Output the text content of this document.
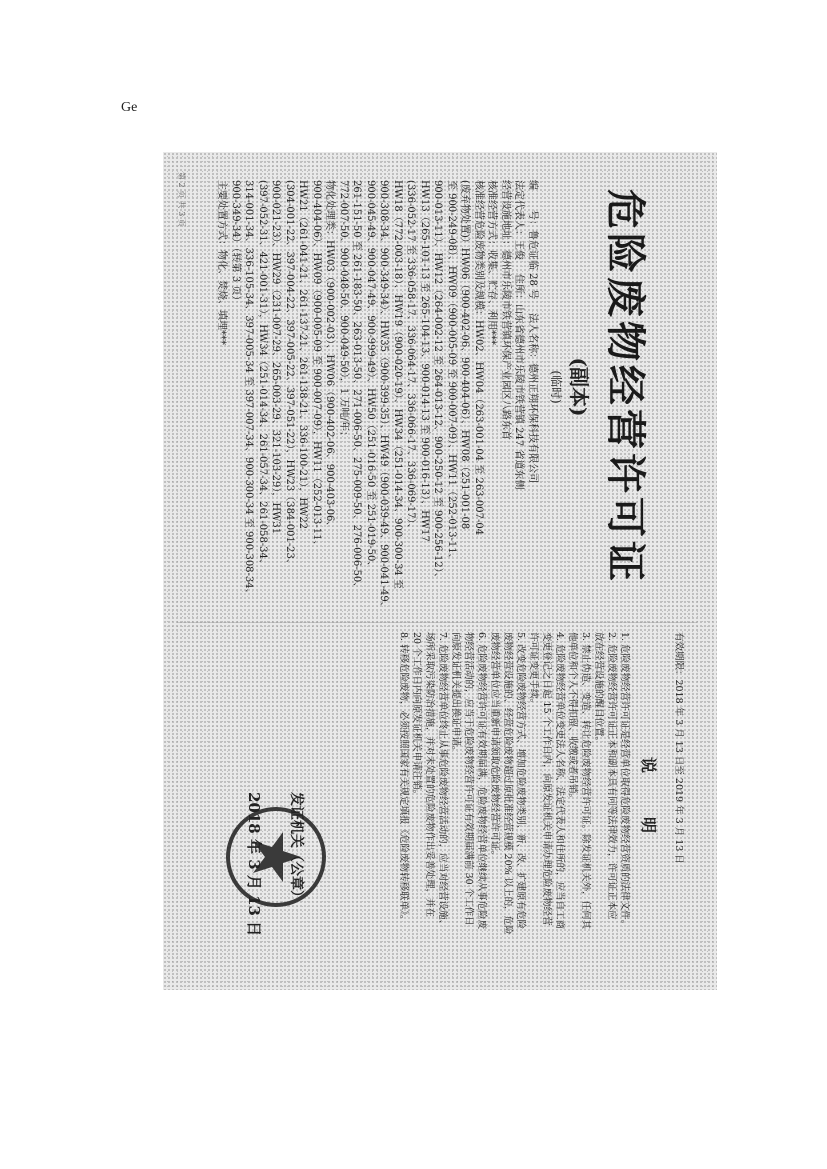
Ge
危险废物经营许可证
(副本)
(临时)
编　　号：鲁危证临 28 号
法人名称：德州正翔环保科技有限公司
法定代表人：王俊
住所：山东省德州市乐陵市铁营镇 247 省道东侧
经营设施地址：德州市乐陵市铁营镇环保产业园区八路东首
核准经营方式：收集、贮存、利用***
核准经营危险废物类别及规模：HW02、HW04（263-001-04 至 263-007-04
(废弃物处置)）HW06（900-402-06、900-404-06）、HW08（251-001-08
至 900-249-08）、HW09（900-005-09 至 900-007-09）、HW11（252-013-11、
900-013-11）、HW12（264-002-12 至 264-013-12、900-250-12 至 900-256-12）、
HW13（265-101-13 至 265-104-13、900-014-13 至 900-016-13）、HW17
(336-052-17 至 336-058-17、336-064-17、336-066-17、336-069-17）、
HW18（772-003-18）、HW19（900-020-19）、HW34（251-014-34、900-300-34 至
900-308-34、900-349-34）、HW35（900-399-35）、HW49（900-039-49、900-041-49、
900-045-49、900-047-49、900-999-49）、HW50（251-016-50 至 251-019-50、
261-151-50 至 261-183-50、263-013-50、271-006-50、275-009-50、276-006-50、
772-007-50、900-048-50、900-049-50），1 万吨/年；
物化处理类：HW03（900-002-03）、HW06（900-402-06、900-403-06、
900-404-06）、HW09（900-005-09 至 900-007-09），HW11（252-013-11、
HW21（261-041-21、261-137-21、261-138-21、336-100-21），HW22
(304-001-22、397-004-22、397-005-22、397-051-22），HW23（384-001-23、
900-021-23）、HW29（231-007-29、265-003-29、321-103-29），HW31
(397-052-31、421-001-31），HW34（251-014-34、261-057-34、261-058-34、
314-001-34、336-105-34、397-005-34 至 397-007-34、900-300-34 至 900-308-34、
900-349-34）（转第 3 页）
主要处置方式：物化、焚烧、填埋***
第 2 页 共 3 页
有效期限：2018 年 3 月 13 日至 2019 年 3 月 13 日
说　明
1. 危险废物经营许可证是经营单位取得危险废物经营资质的法律文件。
2. 危险废物经营许可证正本和副本具有同等法律效力，许可证正本应
放在经营设施的醒目位置。
3. 禁止伪造、变造、转让危险废物经营许可证。除发证机关外，任何其
他单位和个人不得扣留、收缴或者吊销。
4. 危险废物经营单位变更法人名称、法定代表人和住所的，应当自工商
变更登记之日起 15 个工作日内，向原发证机关申请办理危险废物经营
许可证变更手续。
5. 改变危险废物经营方式、增加危险废物类别、新、改、扩建原有危险
废物经营设施的、经营危险废物超过原批准经营规模 20% 以上的，危险
废物经营单位应当重新申请领取危险废物经营许可证。
6. 危险废物经营许可证有效期届满，危险废物经营单位继续从事危险废
物经营活动的，应当于危险废物经营许可证有效期届满前 30 个工作日
向原发证机关提出换证申请。
7. 危险废物经营单位终止从事危险废物经营活动的，应当对经营设施、
场所采取污染防治措施，并对未处置的危险废物作出妥善处理，并在
20 个工作日内向原发证机关申请注销。
8. 转移危险废物，必须按照国家有关规定填报《危险废物转移联单》。
发证机关（公章）
2018 年 3 月 13 日
